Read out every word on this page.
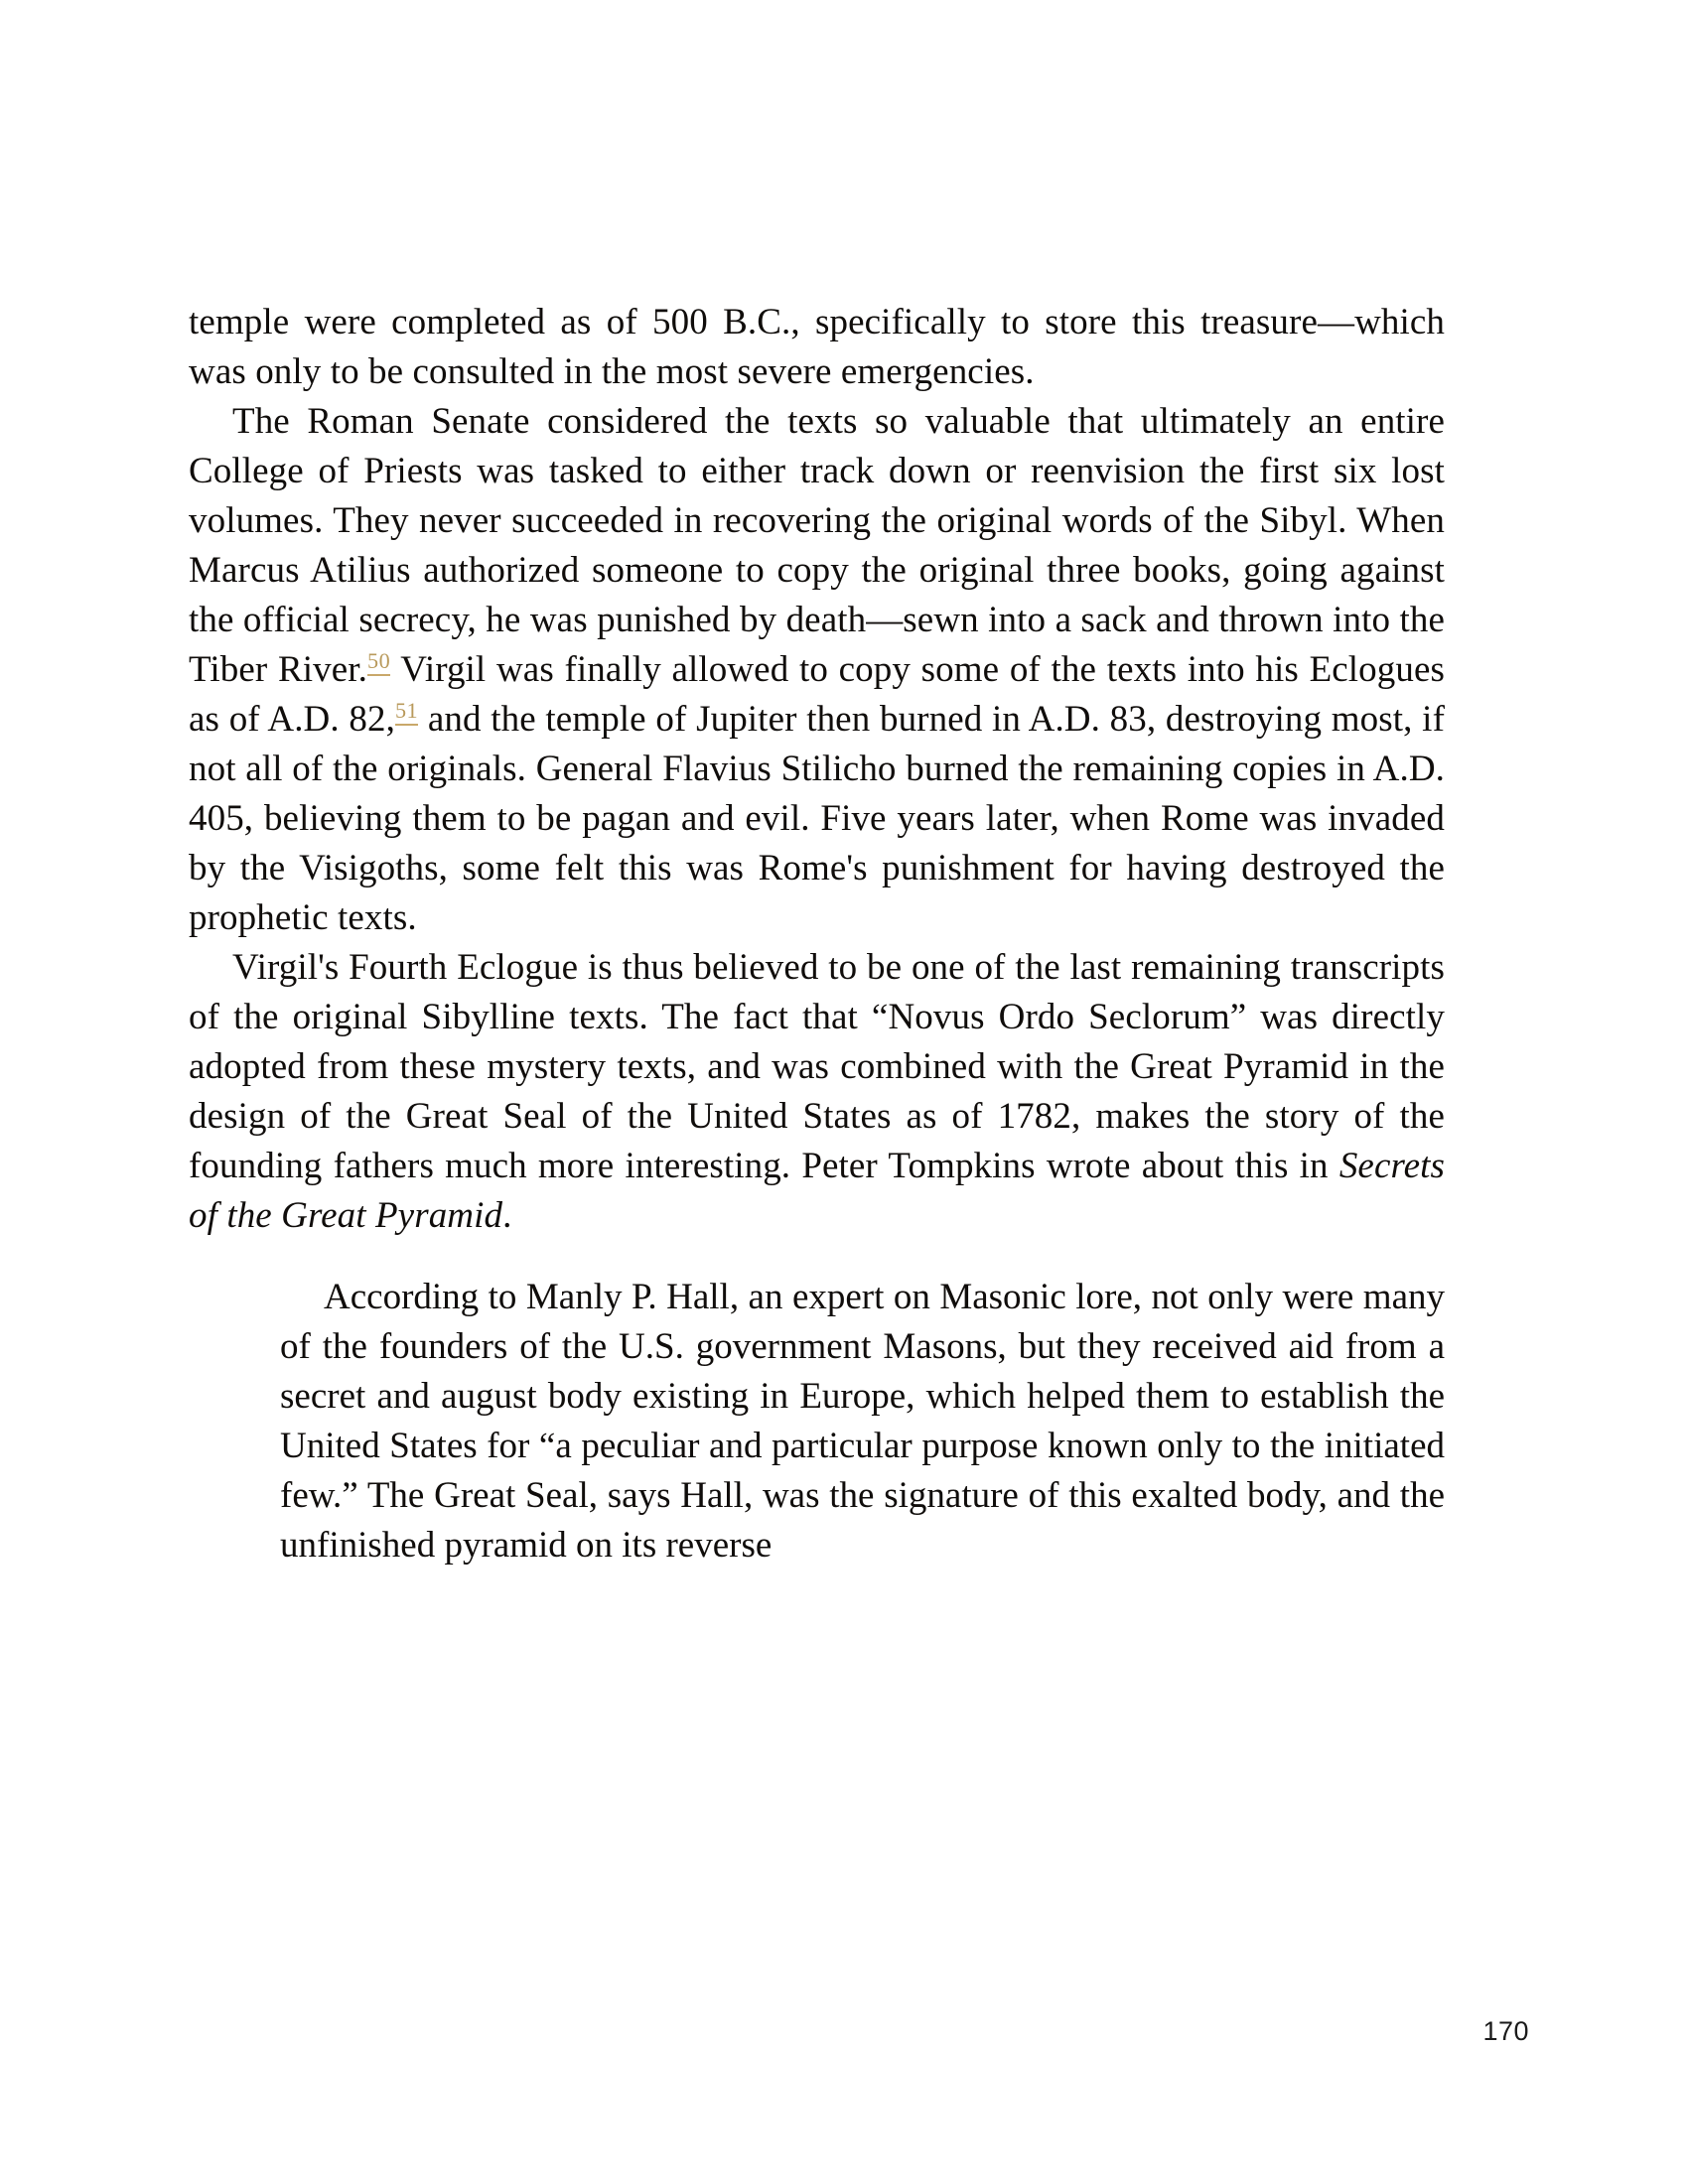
temple were completed as of 500 B.C., specifically to store this treasure—which was only to be consulted in the most severe emergencies.

The Roman Senate considered the texts so valuable that ultimately an entire College of Priests was tasked to either track down or reenvision the first six lost volumes. They never succeeded in recovering the original words of the Sibyl. When Marcus Atilius authorized someone to copy the original three books, going against the official secrecy, he was punished by death—sewn into a sack and thrown into the Tiber River.$^{50}$ Virgil was finally allowed to copy some of the texts into his Eclogues as of A.D. 82,51 and the temple of Jupiter then burned in A.D. 83, destroying most, if not all of the originals. General Flavius Stilicho burned the remaining copies in A.D. 405, believing them to be pagan and evil. Five years later, when Rome was invaded by the Visigoths, some felt this was Rome's punishment for having destroyed the prophetic texts.

Virgil's Fourth Eclogue is thus believed to be one of the last remaining transcripts of the original Sibylline texts. The fact that “Novus Ordo Seclorum” was directly adopted from these mystery texts, and was combined with the Great Pyramid in the design of the Great Seal of the United States as of 1782, makes the story of the founding fathers much more interesting. Peter Tompkins wrote about this in Secrets of the Great Pyramid.

According to Manly P. Hall, an expert on Masonic lore, not only were many of the founders of the U.S. government Masons, but they received aid from a secret and august body existing in Europe, which helped them to establish the United States for “a peculiar and particular purpose known only to the initiated few.” The Great Seal, says Hall, was the signature of this exalted body, and the unfinished pyramid on its reverse

170
